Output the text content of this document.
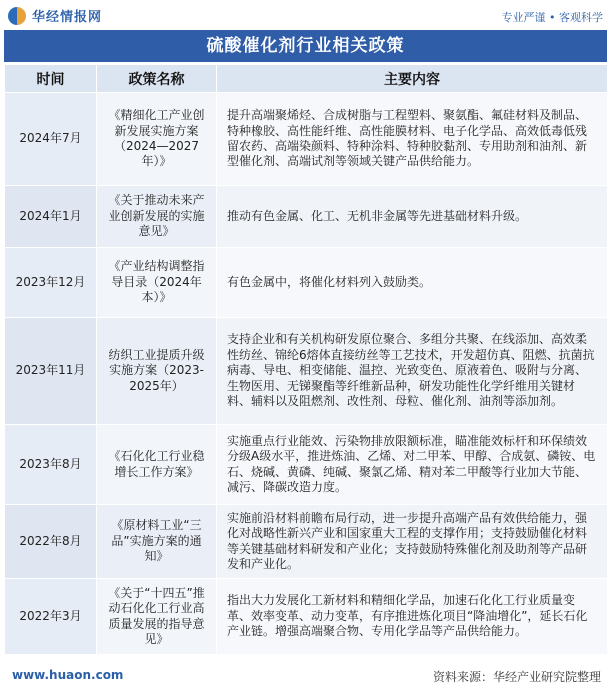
华经情报网	专业严谨 • 客观科学
硫酸催化剂行业相关政策
时间	政策名称	主要内容
2024年7月	《精细化工产业创新发展实施方案（2024—2027年）》	提升高端聚烯烃、合成树脂与工程塑料、聚氨酯、氟硅材料及制品、特种橡胶、高性能纤维、高性能膜材料、电子化学品、高效低毒低残留农药、高端染颜料、特种涂料、特种胶黏剂、专用助剂和油剂、新型催化剂、高端试剂等领域关键产品供给能力。
2024年1月	《关于推动未来产业创新发展的实施意见》	推动有色金属、化工、无机非金属等先进基础材料升级。
2023年12月	《产业结构调整指导目录（2024年本）》	有色金属中，将催化材料列入鼓励类。
2023年11月	纺织工业提质升级实施方案（2023-2025年）	支持企业和有关机构研发原位聚合、多组分共聚、在线添加、高效柔性纺丝、锦纶6熔体直接纺丝等工艺技术，开发超仿真、阻燃、抗菌抗病毒、导电、相变储能、温控、光致变色、原液着色、吸附与分离、生物医用、无锑聚酯等纤维新品种，研发功能性化学纤维用关键材料、辅料以及阻燃剂、改性剂、母粒、催化剂、油剂等添加剂。
2023年8月	《石化化工行业稳增长工作方案》	实施重点行业能效、污染物排放限额标准，瞄准能效标杆和环保绩效分级A级水平，推进炼油、乙烯、对二甲苯、甲醇、合成氨、磷铵、电石、烧碱、黄磷、纯碱、聚氯乙烯、精对苯二甲酸等行业加大节能、减污、降碳改造力度。
2022年8月	《原材料工业“三品”实施方案的通知》	实施前沿材料前瞻布局行动，进一步提升高端产品有效供给能力，强化对战略性新兴产业和国家重大工程的支撑作用；支持鼓励催化材料等关键基础材料研发和产业化；支持鼓励特殊催化剂及助剂等产品研发和产业化。
2022年3月	《关于“十四五”推动石化化工行业高质量发展的指导意见》	指出大力发展化工新材料和精细化学品，加速石化化工行业质量变革、效率变革、动力变革，有序推进炼化项目“降油增化”，延长石化产业链。增强高端聚合物、专用化学品等产品供给能力。
www.huaon.com	资料来源：华经产业研究院整理
